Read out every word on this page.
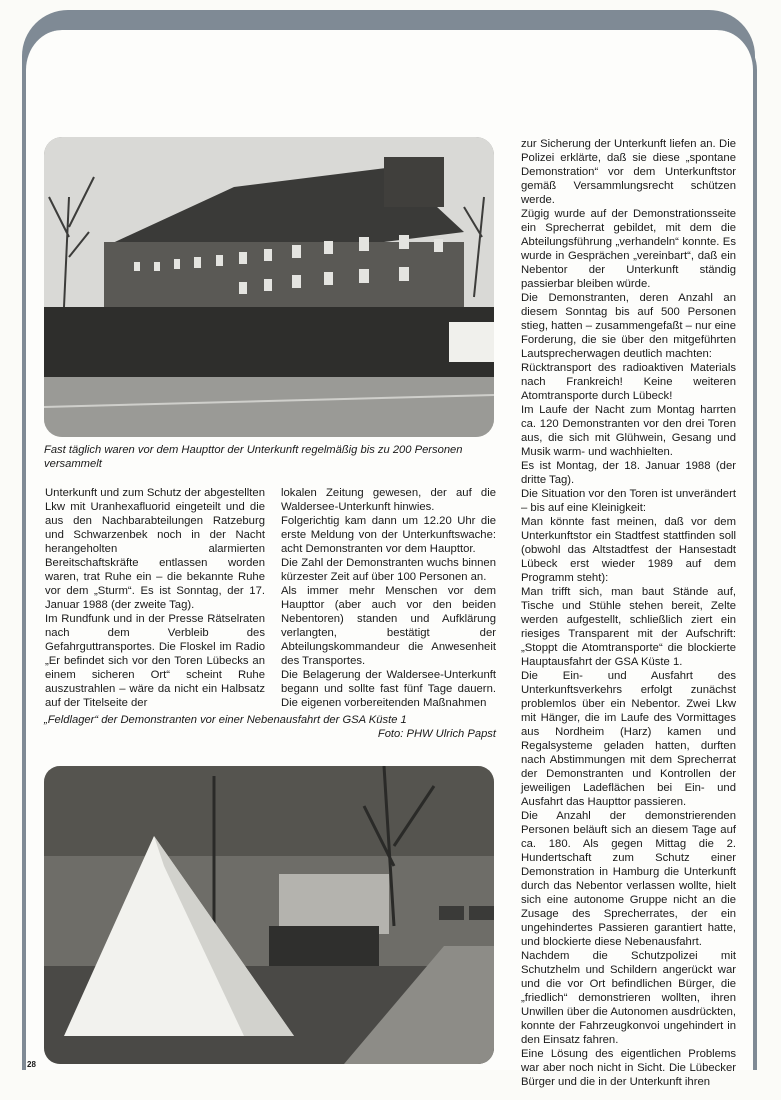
Fast täglich waren vor dem Haupttor der Unterkunft regelmäßig bis zu 200 Personen versammelt

Unterkunft und zum Schutz der abgestellten Lkw mit Uranhexafluorid eingeteilt und die aus den Nachbarabteilungen Ratzeburg und Schwarzenbek noch in der Nacht herangeholten alarmierten Bereitschaftskräfte entlassen worden waren, trat Ruhe ein – die bekannte Ruhe vor dem „Sturm“. Es ist Sonntag, der 17. Januar 1988 (der zweite Tag).

Im Rundfunk und in der Presse Rätselraten nach dem Verbleib des Gefahrguttransportes. Die Floskel im Radio „Er befindet sich vor den Toren Lübecks an einem sicheren Ort“ scheint Ruhe auszustrahlen – wäre da nicht ein Halbsatz auf der Titelseite der

lokalen Zeitung gewesen, der auf die Waldersee-Unterkunft hinwies.

Folgerichtig kam dann um 12.20 Uhr die erste Meldung von der Unterkunftswache: acht Demonstranten vor dem Haupttor.

Die Zahl der Demonstranten wuchs binnen kürzester Zeit auf über 100 Personen an.

Als immer mehr Menschen vor dem Haupttor (aber auch vor den beiden Nebentoren) standen und Aufklärung verlangten, bestätigt der Abteilungskommandeur die Anwesenheit des Transportes.

Die Belagerung der Waldersee-Unterkunft begann und sollte fast fünf Tage dauern. Die eigenen vorbereitenden Maßnahmen

„Feldlager“ der Demonstranten vor einer Nebenausfahrt der GSA Küste 1
Foto: PHW Ulrich Papst

zur Sicherung der Unterkunft liefen an. Die Polizei erklärte, daß sie diese „spontane Demonstration“ vor dem Unterkunftstor gemäß Versammlungsrecht schützen werde.

Zügig wurde auf der Demonstrationsseite ein Sprecherrat gebildet, mit dem die Abteilungsführung „verhandeln“ konnte. Es wurde in Gesprächen „vereinbart“, daß ein Nebentor der Unterkunft ständig passierbar bleiben würde.

Die Demonstranten, deren Anzahl an diesem Sonntag bis auf 500 Personen stieg, hatten – zusammengefaßt – nur eine Forderung, die sie über den mitgeführten Lautsprecherwagen deutlich machten:

Rücktransport des radioaktiven Materials nach Frankreich! Keine weiteren Atomtransporte durch Lübeck!

Im Laufe der Nacht zum Montag harrten ca. 120 Demonstranten vor den drei Toren aus, die sich mit Glühwein, Gesang und Musik warm- und wachhielten.

Es ist Montag, der 18. Januar 1988 (der dritte Tag).

Die Situation vor den Toren ist unverändert – bis auf eine Kleinigkeit:

Man könnte fast meinen, daß vor dem Unterkunftstor ein Stadtfest stattfinden soll (obwohl das Altstadtfest der Hansestadt Lübeck erst wieder 1989 auf dem Programm steht):

Man trifft sich, man baut Stände auf, Tische und Stühle stehen bereit, Zelte werden aufgestellt, schließlich ziert ein riesiges Transparent mit der Aufschrift: „Stoppt die Atomtransporte“ die blockierte Hauptausfahrt der GSA Küste 1.

Die Ein- und Ausfahrt des Unterkunftsverkehrs erfolgt zunächst problemlos über ein Nebentor. Zwei Lkw mit Hänger, die im Laufe des Vormittages aus Nordheim (Harz) kamen und Regalsysteme geladen hatten, durften nach Abstimmungen mit dem Sprecherrat der Demonstranten und Kontrollen der jeweiligen Ladeflächen bei Ein- und Ausfahrt das Haupttor passieren.

Die Anzahl der demonstrierenden Personen beläuft sich an diesem Tage auf ca. 180. Als gegen Mittag die 2. Hundertschaft zum Schutz einer Demonstration in Hamburg die Unterkunft durch das Nebentor verlassen wollte, hielt sich eine autonome Gruppe nicht an die Zusage des Sprecherrates, der ein ungehindertes Passieren garantiert hatte, und blockierte diese Nebenausfahrt.

Nachdem die Schutzpolizei mit Schutzhelm und Schildern angerückt war und die vor Ort befindlichen Bürger, die „friedlich“ demonstrieren wollten, ihren Unwillen über die Autonomen ausdrückten, konnte der Fahrzeugkonvoi ungehindert in den Einsatz fahren.

Eine Lösung des eigentlichen Problems war aber noch nicht in Sicht. Die Lübecker Bürger und die in der Unterkunft ihren

28
